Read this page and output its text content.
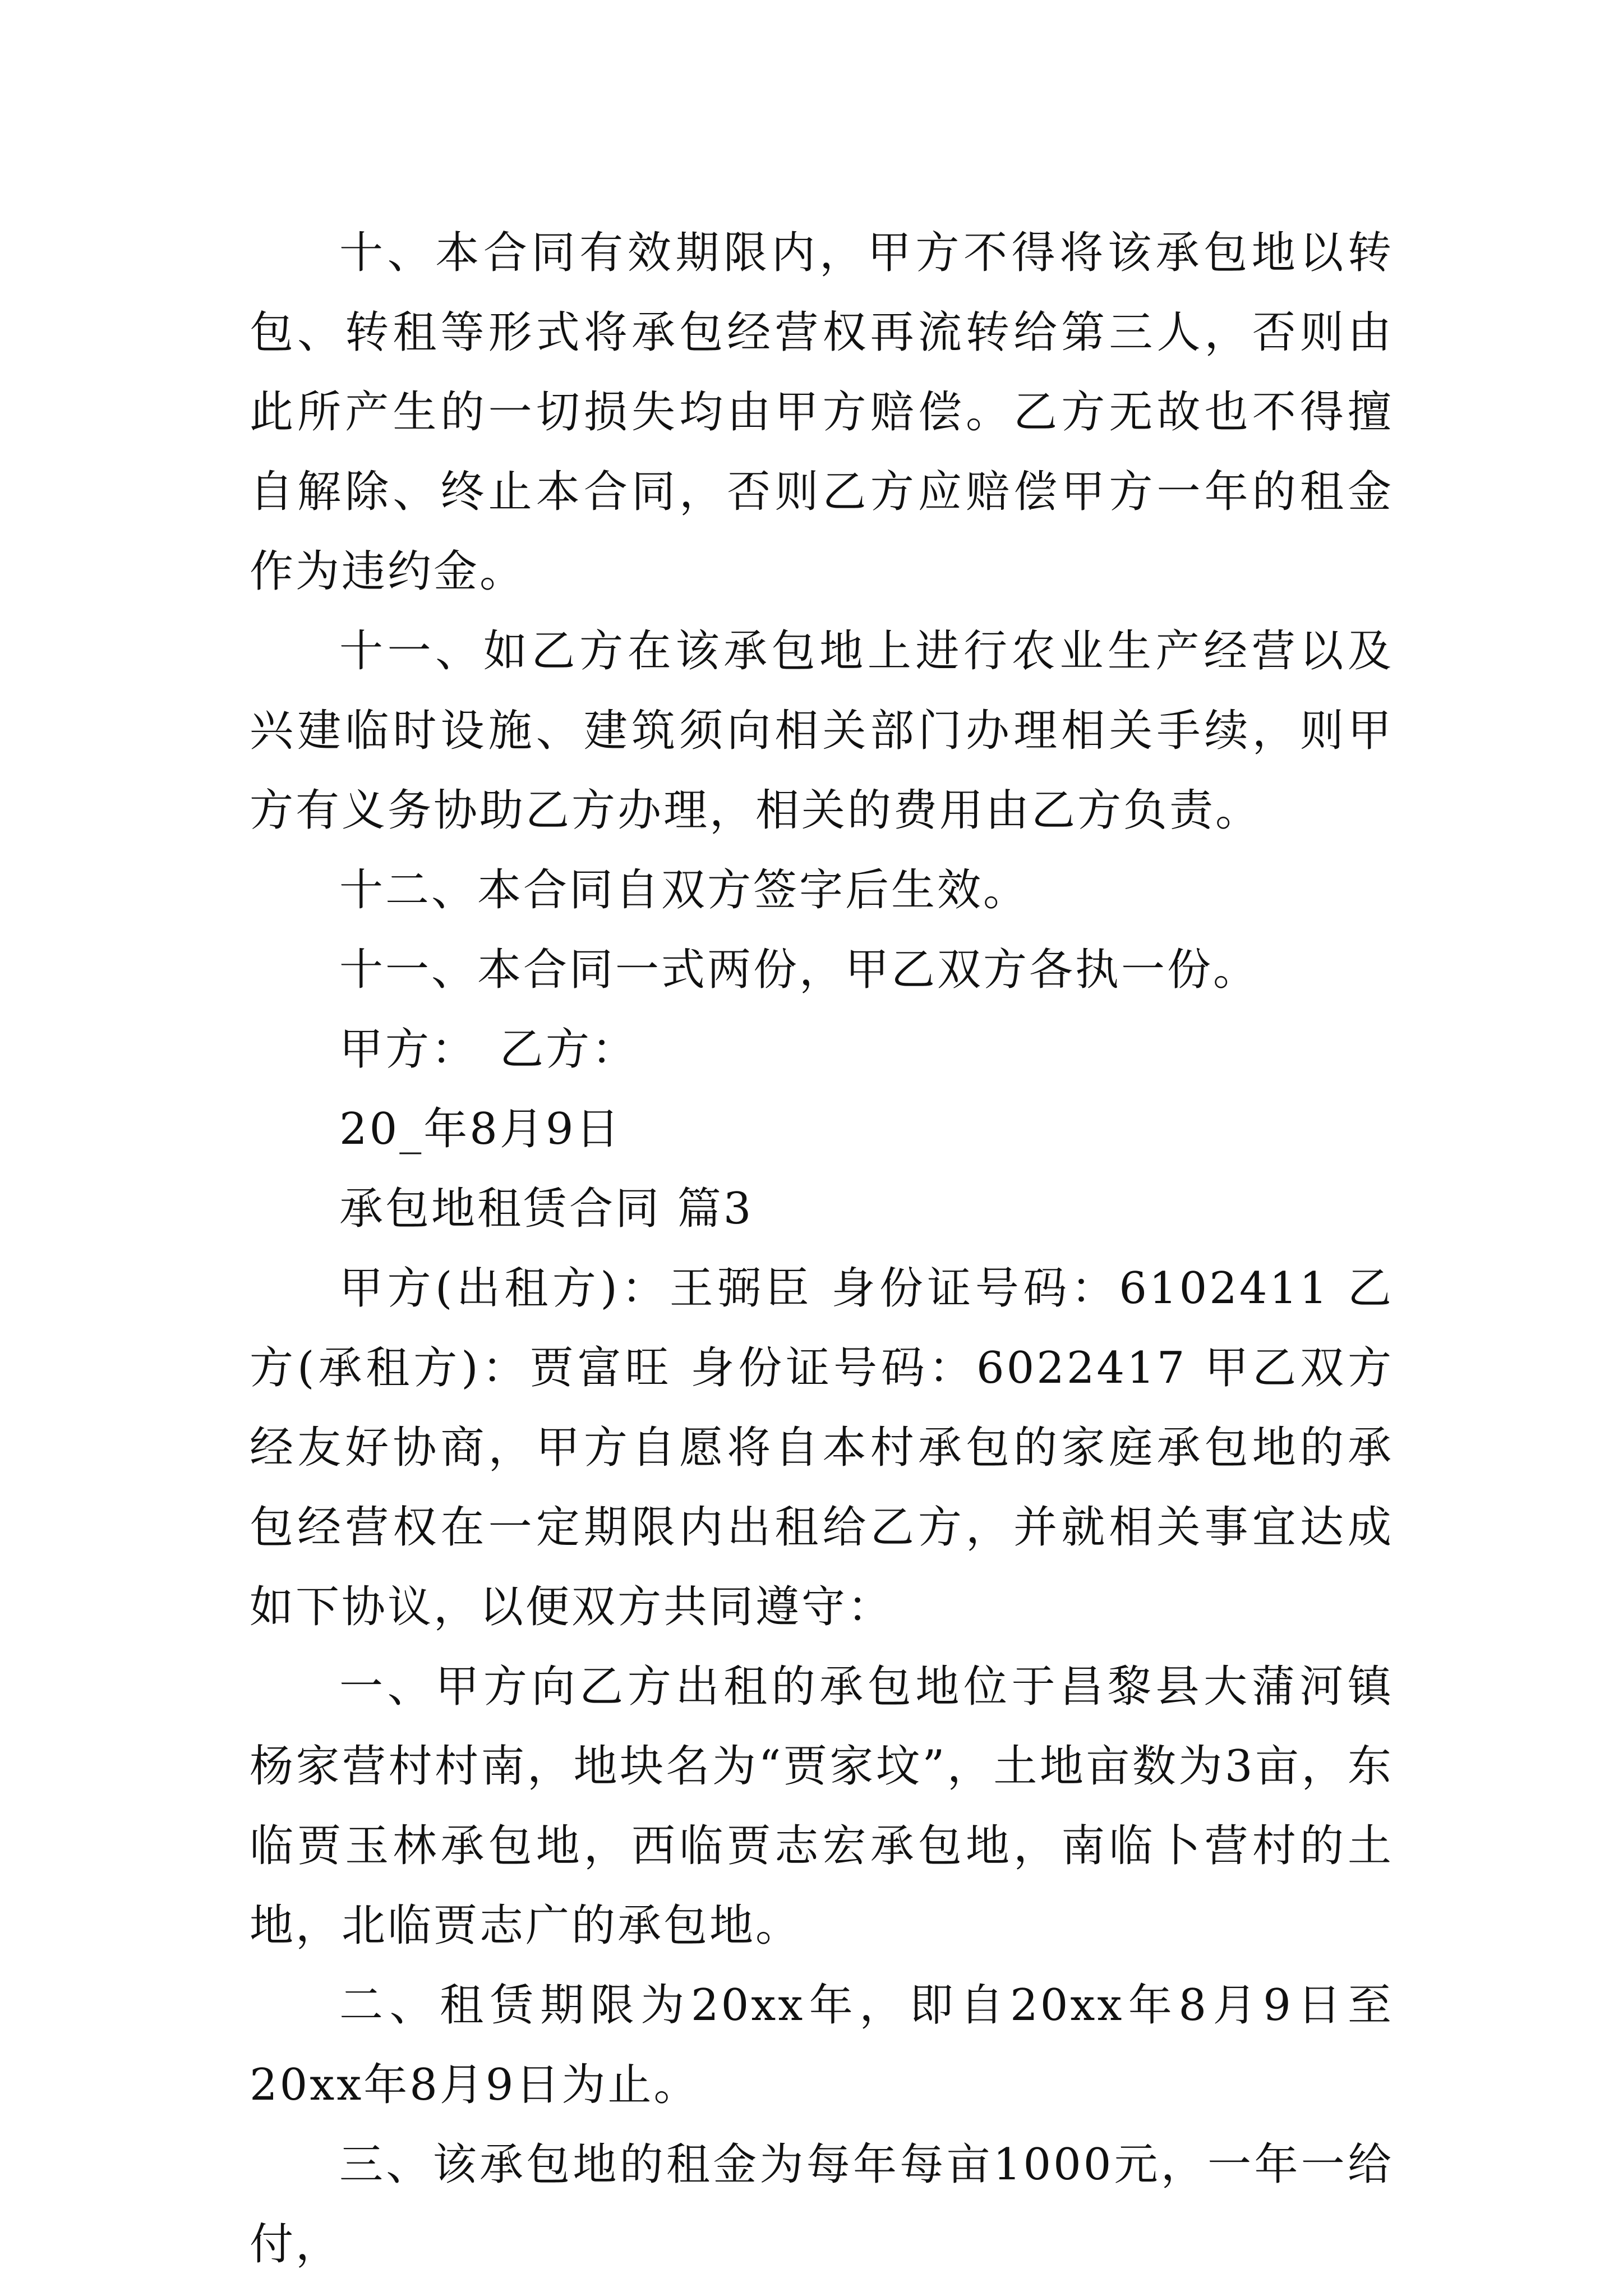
十、本合同有效期限内，甲方不得将该承包地以转包、转租等形式将承包经营权再流转给第三人，否则由此所产生的一切损失均由甲方赔偿。乙方无故也不得擅自解除、终止本合同，否则乙方应赔偿甲方一年的租金作为违约金。

十一、如乙方在该承包地上进行农业生产经营以及兴建临时设施、建筑须向相关部门办理相关手续，则甲方有义务协助乙方办理，相关的费用由乙方负责。

十二、本合同自双方签字后生效。

十一、本合同一式两份，甲乙双方各执一份。

甲方： 乙方：

20_年8月9日

承包地租赁合同 篇3

甲方(出租方)：王弼臣 身份证号码：6102411 乙方(承租方)：贾富旺 身份证号码：6022417 甲乙双方经友好协商，甲方自愿将自本村承包的家庭承包地的承包经营权在一定期限内出租给乙方，并就相关事宜达成如下协议，以便双方共同遵守：

一、甲方向乙方出租的承包地位于昌黎县大蒲河镇杨家营村村南，地块名为“贾家坟”，土地亩数为3亩，东临贾玉林承包地，西临贾志宏承包地，南临卜营村的土地，北临贾志广的承包地。

二、租赁期限为20xx年，即自20xx年8月9日至20xx年8月9日为止。

三、该承包地的租金为每年每亩1000元，一年一给付，
